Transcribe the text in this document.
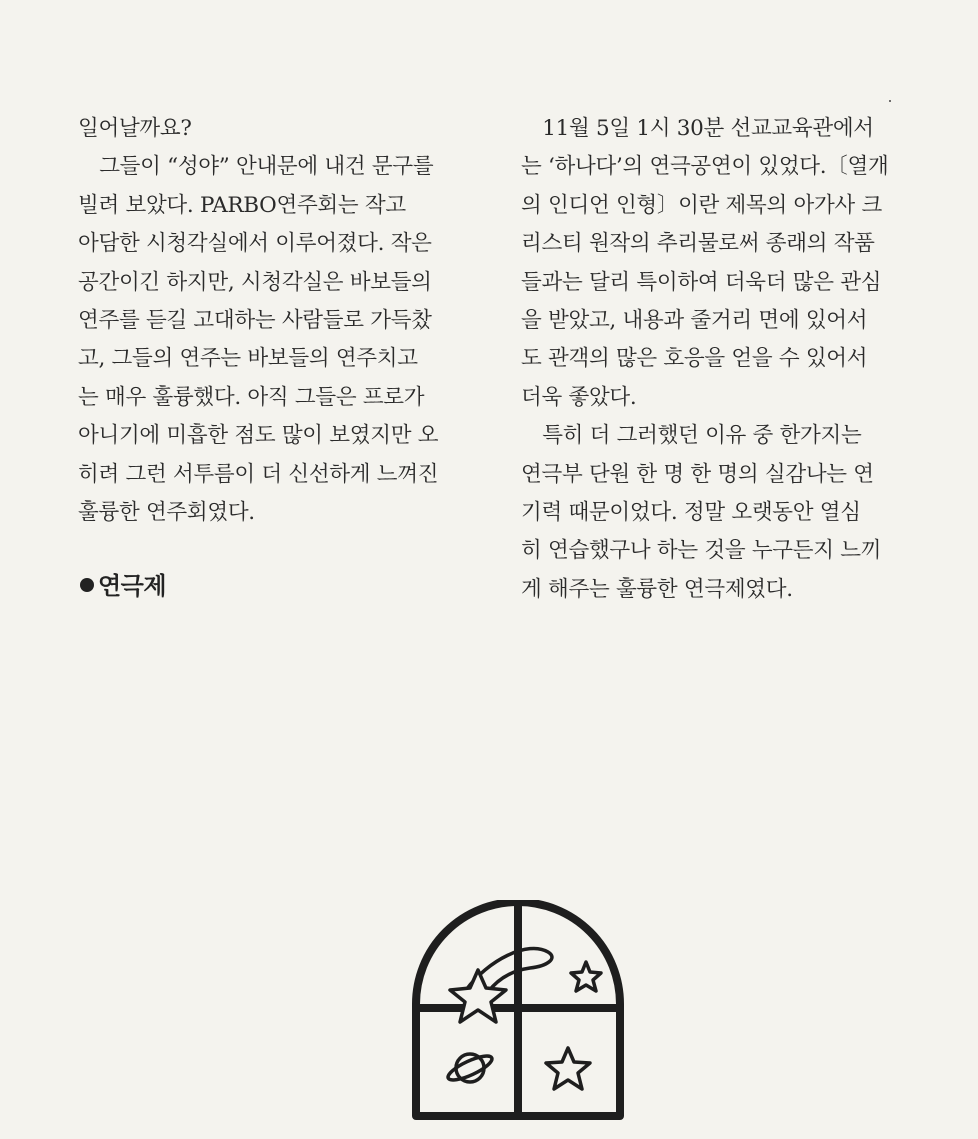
일어날까요?
　그들이 “성야” 안내문에 내건 문구를
빌려 보았다. PARBO연주회는 작고
아담한 시청각실에서 이루어졌다. 작은
공간이긴 하지만, 시청각실은 바보들의
연주를 듣길 고대하는 사람들로 가득찼
고, 그들의 연주는 바보들의 연주치고
는 매우 훌륭했다. 아직 그들은 프로가
아니기에 미흡한 점도 많이 보였지만 오
히려 그런 서투름이 더 신선하게 느껴진
훌륭한 연주회였다.
연극제
　11월 5일 1시 30분 선교교육관에서
는 ‘하나다’의 연극공연이 있었다.〔열개
의 인디언 인형〕이란 제목의 아가사 크
리스티 원작의 추리물로써 종래의 작품
들과는 달리 특이하여 더욱더 많은 관심
을 받았고, 내용과 줄거리 면에 있어서
도 관객의 많은 호응을 얻을 수 있어서
더욱 좋았다.
　특히 더 그러했던 이유 중 한가지는
연극부 단원 한 명 한 명의 실감나는 연
기력 때문이었다. 정말 오랫동안 열심
히 연습했구나 하는 것을 누구든지 느끼
게 해주는 훌륭한 연극제였다.
